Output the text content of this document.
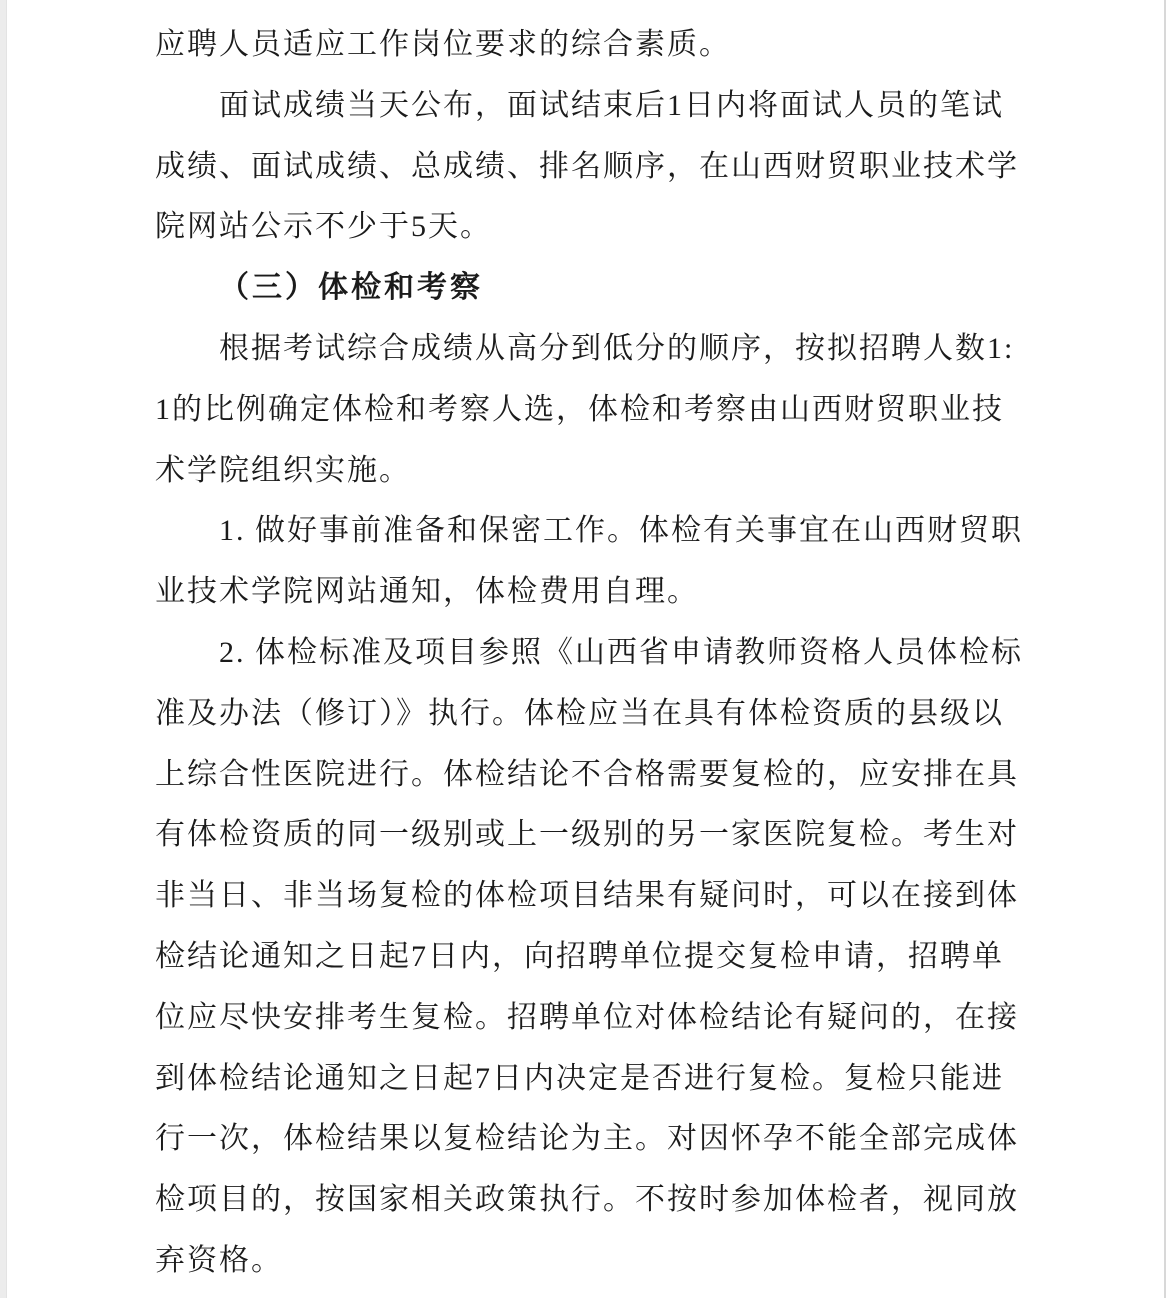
应聘人员适应工作岗位要求的综合素质。
面试成绩当天公布，面试结束后1日内将面试人员的笔试
成绩、面试成绩、总成绩、排名顺序，在山西财贸职业技术学
院网站公示不少于5天。
（三）体检和考察
根据考试综合成绩从高分到低分的顺序，按拟招聘人数1:
1的比例确定体检和考察人选，体检和考察由山西财贸职业技
术学院组织实施。
1. 做好事前准备和保密工作。体检有关事宜在山西财贸职
业技术学院网站通知，体检费用自理。
2. 体检标准及项目参照《山西省申请教师资格人员体检标
准及办法（修订）》执行。体检应当在具有体检资质的县级以
上综合性医院进行。体检结论不合格需要复检的，应安排在具
有体检资质的同一级别或上一级别的另一家医院复检。考生对
非当日、非当场复检的体检项目结果有疑问时，可以在接到体
检结论通知之日起7日内，向招聘单位提交复检申请，招聘单
位应尽快安排考生复检。招聘单位对体检结论有疑问的，在接
到体检结论通知之日起7日内决定是否进行复检。复检只能进
行一次，体检结果以复检结论为主。对因怀孕不能全部完成体
检项目的，按国家相关政策执行。不按时参加体检者，视同放
弃资格。
